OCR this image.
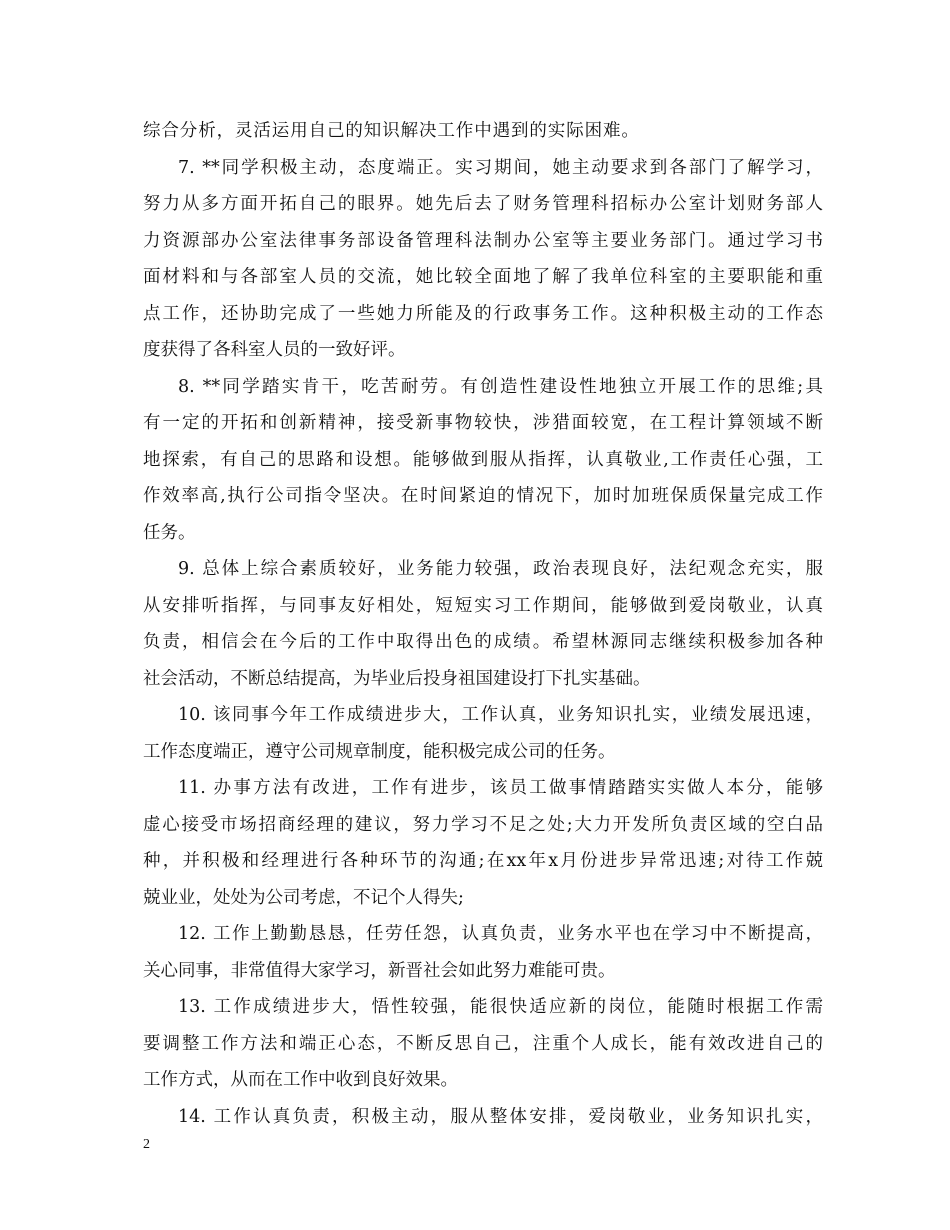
综合分析，灵活运用自己的知识解决工作中遇到的实际困难。
7. **同学积极主动，态度端正。实习期间，她主动要求到各部门了解学习，
努力从多方面开拓自己的眼界。她先后去了财务管理科招标办公室计划财务部人
力资源部办公室法律事务部设备管理科法制办公室等主要业务部门。通过学习书
面材料和与各部室人员的交流，她比较全面地了解了我单位科室的主要职能和重
点工作，还协助完成了一些她力所能及的行政事务工作。这种积极主动的工作态
度获得了各科室人员的一致好评。
8. **同学踏实肯干，吃苦耐劳。有创造性建设性地独立开展工作的思维;具
有一定的开拓和创新精神，接受新事物较快，涉猎面较宽，在工程计算领域不断
地探索，有自己的思路和设想。能够做到服从指挥，认真敬业,工作责任心强，工
作效率高,执行公司指令坚决。在时间紧迫的情况下，加时加班保质保量完成工作
任务。
9. 总体上综合素质较好，业务能力较强，政治表现良好，法纪观念充实，服
从安排听指挥，与同事友好相处，短短实习工作期间，能够做到爱岗敬业，认真
负责，相信会在今后的工作中取得出色的成绩。希望林源同志继续积极参加各种
社会活动，不断总结提高，为毕业后投身祖国建设打下扎实基础。
10. 该同事今年工作成绩进步大，工作认真，业务知识扎实，业绩发展迅速，
工作态度端正，遵守公司规章制度，能积极完成公司的任务。
11. 办事方法有改进，工作有进步，该员工做事情踏踏实实做人本分，能够
虚心接受市场招商经理的建议，努力学习不足之处;大力开发所负责区域的空白品
种，并积极和经理进行各种环节的沟通;在xx年x月份进步异常迅速;对待工作兢
兢业业，处处为公司考虑，不记个人得失;
12. 工作上勤勤恳恳，任劳任怨，认真负责，业务水平也在学习中不断提高，
关心同事，非常值得大家学习，新晋社会如此努力难能可贵。
13. 工作成绩进步大，悟性较强，能很快适应新的岗位，能随时根据工作需
要调整工作方法和端正心态，不断反思自己，注重个人成长，能有效改进自己的
工作方式，从而在工作中收到良好效果。
14. 工作认真负责，积极主动，服从整体安排，爱岗敬业，业务知识扎实，
2
